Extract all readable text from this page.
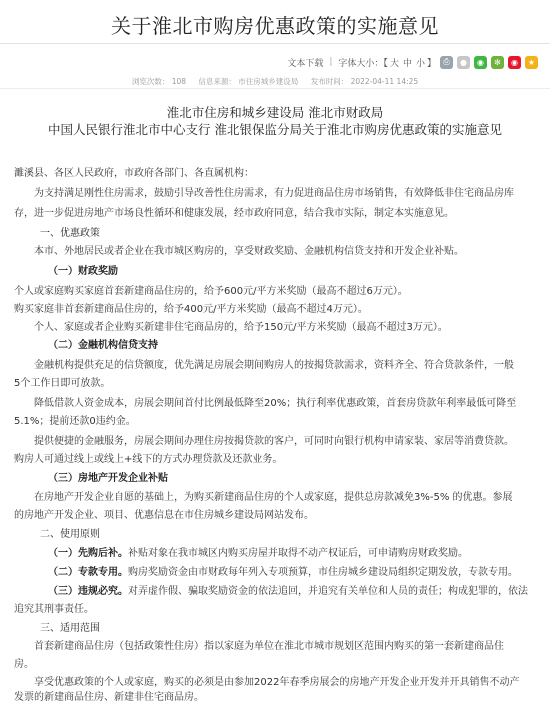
关于淮北市购房优惠政策的实施意见
文本下载 | 字体大小：【 大 中 小 】 ⎙	●	◉	✼	◉	★
浏览次数： 108 信息来源： 市住房城乡建设局 发布时间： 2022-04-11 14:25
淮北市住房和城乡建设局 淮北市财政局
中国人民银行淮北市中心支行 淮北银保监分局关于淮北市购房优惠政策的实施意见
濉溪县、各区人民政府，市政府各部门、各直属机构：
为支持满足刚性住房需求，鼓励引导改善性住房需求，有力促进商品住房市场销售，有效降低非住宅商品房库
存，进一步促进房地产市场良性循环和健康发展，经市政府同意，结合我市实际，制定本实施意见。
一、优惠政策
本市、外地居民或者企业在我市城区购房的，享受财政奖励、金融机构信贷支持和开发企业补贴。
（一）财政奖励
个人或家庭购买家庭首套新建商品住房的，给予600元/平方米奖励（最高不超过6万元）。
购买家庭非首套新建商品住房的，给予400元/平方米奖励（最高不超过4万元）。
个人、家庭或者企业购买新建非住宅商品房的，给予150元/平方米奖励（最高不超过3万元）。
（二）金融机构信贷支持
金融机构提供充足的信贷额度，优先满足房展会期间购房人的按揭贷款需求，资料齐全、符合贷款条件，一般
5个工作日即可放款。
降低借款人资金成本，房展会期间首付比例最低降至20%；执行利率优惠政策，首套房贷款年利率最低可降至
5.1%；提前还款0违约金。
提供便捷的金融服务，房展会期间办理住房按揭贷款的客户，可同时向银行机构申请家装、家居等消费贷款。
购房人可通过线上或线上+线下的方式办理贷款及还款业务。
（三）房地产开发企业补贴
在房地产开发企业自愿的基础上，为购买新建商品住房的个人或家庭，提供总房款减免3%-5% 的优惠。参展
的房地产开发企业、项目、优惠信息在市住房城乡建设局网站发布。
二、使用原则
（一）先购后补。补贴对象在我市城区内购买房屋并取得不动产权证后，可申请购房财政奖励。
（二）专款专用。购房奖励资金由市财政每年列入专项预算，市住房城乡建设局组织定期发放，专款专用。
（三）违规必究。对弄虚作假、骗取奖励资金的依法追回，并追究有关单位和人员的责任；构成犯罪的，依法
追究其刑事责任。
三、适用范围
首套新建商品住房（包括政策性住房）指以家庭为单位在淮北市城市规划区范围内购买的第一套新建商品住
房。
享受优惠政策的个人或家庭，购买的必须是由参加2022年春季房展会的房地产开发企业开发并开具销售不动产
发票的新建商品住房、新建非住宅商品房。
